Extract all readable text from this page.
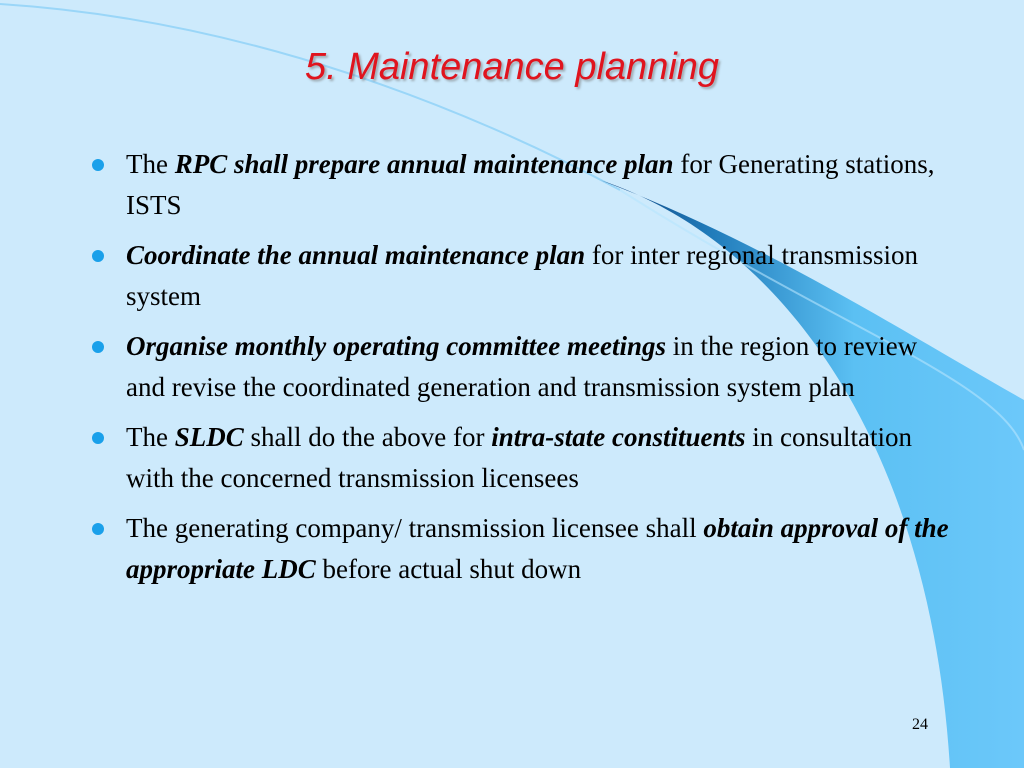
5. Maintenance planning
The RPC shall prepare annual maintenance plan for Generating stations, ISTS
Coordinate the annual maintenance plan for inter regional transmission system
Organise monthly operating committee meetings in the region to review and revise the coordinated generation and transmission system plan
The SLDC shall do the above for intra-state constituents in consultation with the concerned transmission licensees
The generating company/ transmission licensee shall obtain approval of the appropriate LDC before actual shut down
24
